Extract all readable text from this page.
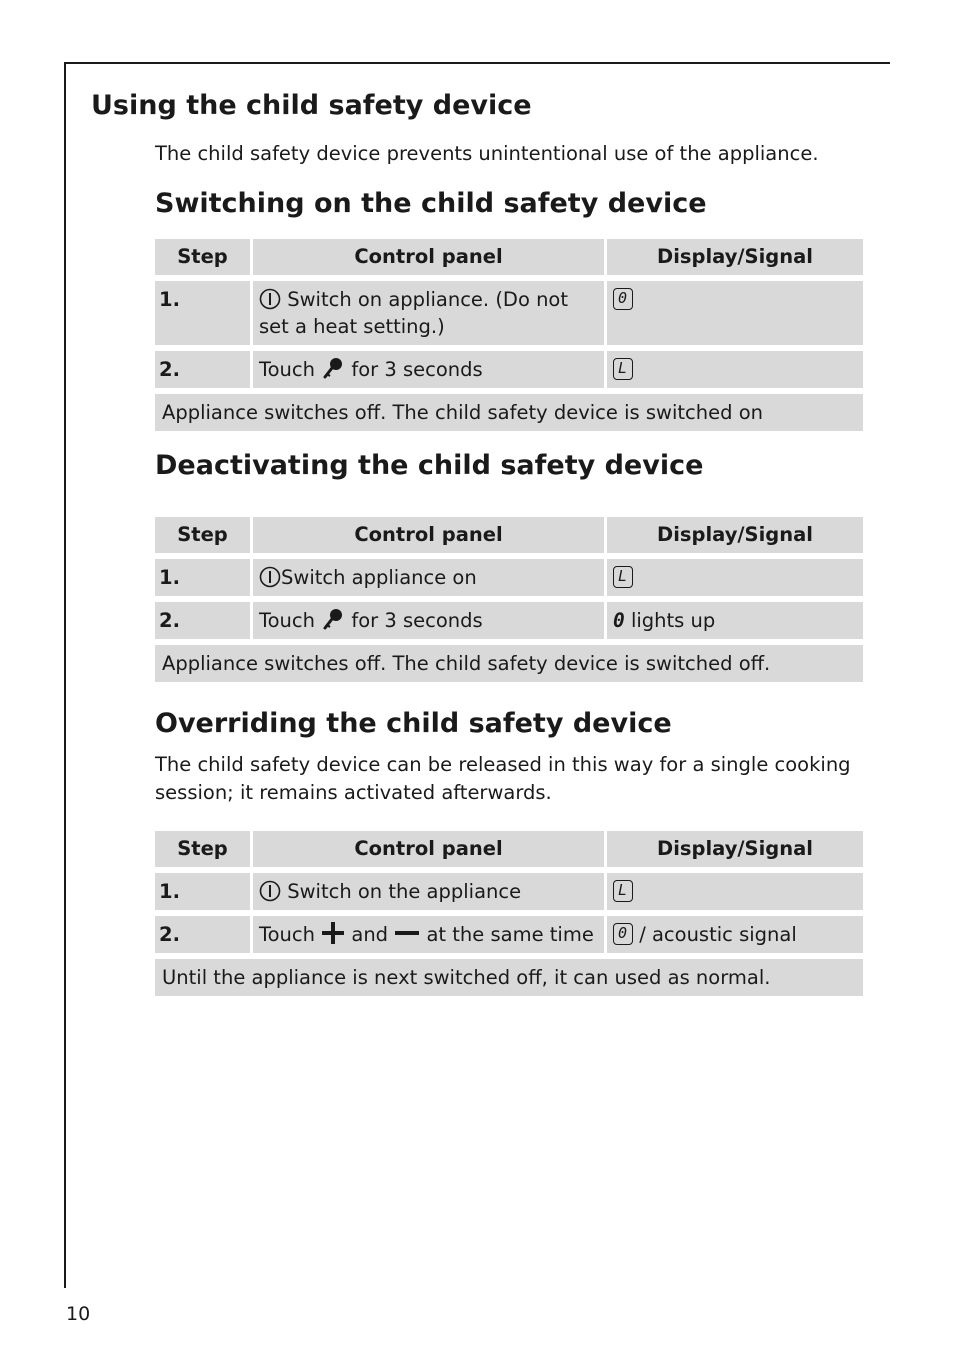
Using the child safety device

The child safety device prevents unintentional use of the appliance.

Switching on the child safety device
Step	Control panel	Display/Signal
1.	Switch on appliance. (Do not set a heat setting.)	0

2.	Touch for 3 seconds	L

Appliance switches off. The child safety device is switched on		
Deactivating the child safety device
Step	Control panel	Display/Signal
1.	Switch appliance on	L

2.	Touch for 3 seconds	0 lights up
Appliance switches off. The child safety device is switched off.		
Overriding the child safety device

The child safety device can be released in this way for a single cooking session; it remains activated afterwards.

Step	Control panel	Display/Signal
1.	Switch on the appliance	L

2.	Touch and at the same time	0 / acoustic signal
Until the appliance is next switched off, it can used as normal.		
10
